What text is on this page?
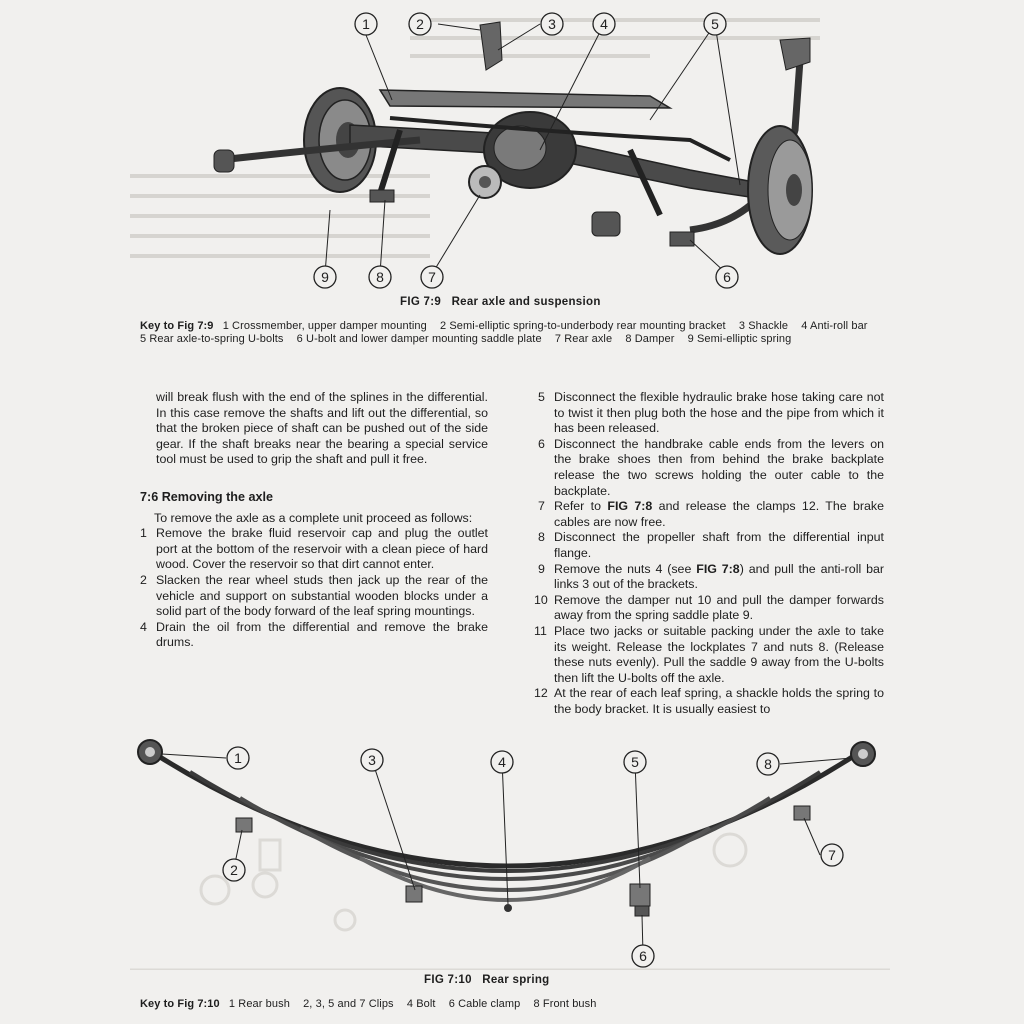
1	2	3	4	5
9	8	7	6
FIG 7:9   Rear axle and suspension
Key to Fig 7:9 1 Crossmember, upper damper mounting 2 Semi-elliptic spring-to-underbody rear mounting bracket 3 Shackle 4 Anti-roll bar 5 Rear axle-to-spring U-bolts 6 U-bolt and lower damper mounting saddle plate 7 Rear axle 8 Damper 9 Semi-elliptic spring

will break flush with the end of the splines in the differential. In this case remove the shafts and lift out the differential, so that the broken piece of shaft can be pushed out of the side gear. If the shaft breaks near the bearing a special service tool must be used to grip the shaft and pull it free.

7:6 Removing the axle

To remove the axle as a complete unit proceed as follows:

1 Remove the brake fluid reservoir cap and plug the outlet port at the bottom of the reservoir with a clean piece of hard wood. Cover the reservoir so that dirt cannot enter.
2 Slacken the rear wheel studs then jack up the rear of the vehicle and support on substantial wooden blocks under a solid part of the body forward of the leaf spring mountings.
4 Drain the oil from the differential and remove the brake drums.
5 Disconnect the flexible hydraulic brake hose taking care not to twist it then plug both the hose and the pipe from which it has been released.
6 Disconnect the handbrake cable ends from the levers on the brake shoes then from behind the brake backplate release the two screws holding the outer cable to the backplate.
7 Refer to FIG 7:8 and release the clamps 12. The brake cables are now free.
8 Disconnect the propeller shaft from the differential input flange.
9 Remove the nuts 4 (see FIG 7:8) and pull the anti-roll bar links 3 out of the brackets.
10 Remove the damper nut 10 and pull the damper forwards away from the spring saddle plate 9.
11 Place two jacks or suitable packing under the axle to take its weight. Release the lockplates 7 and nuts 8. (Release these nuts evenly). Pull the saddle 9 away from the U-bolts then lift the U-bolts off the axle.
12 At the rear of each leaf spring, a shackle holds the spring to the body bracket. It is usually easiest to
1	3	4	5	8
2
7
6
FIG 7:10   Rear spring
Key to Fig 7:10 1 Rear bush 2, 3, 5 and 7 Clips 4 Bolt 6 Cable clamp 8 Front bush
